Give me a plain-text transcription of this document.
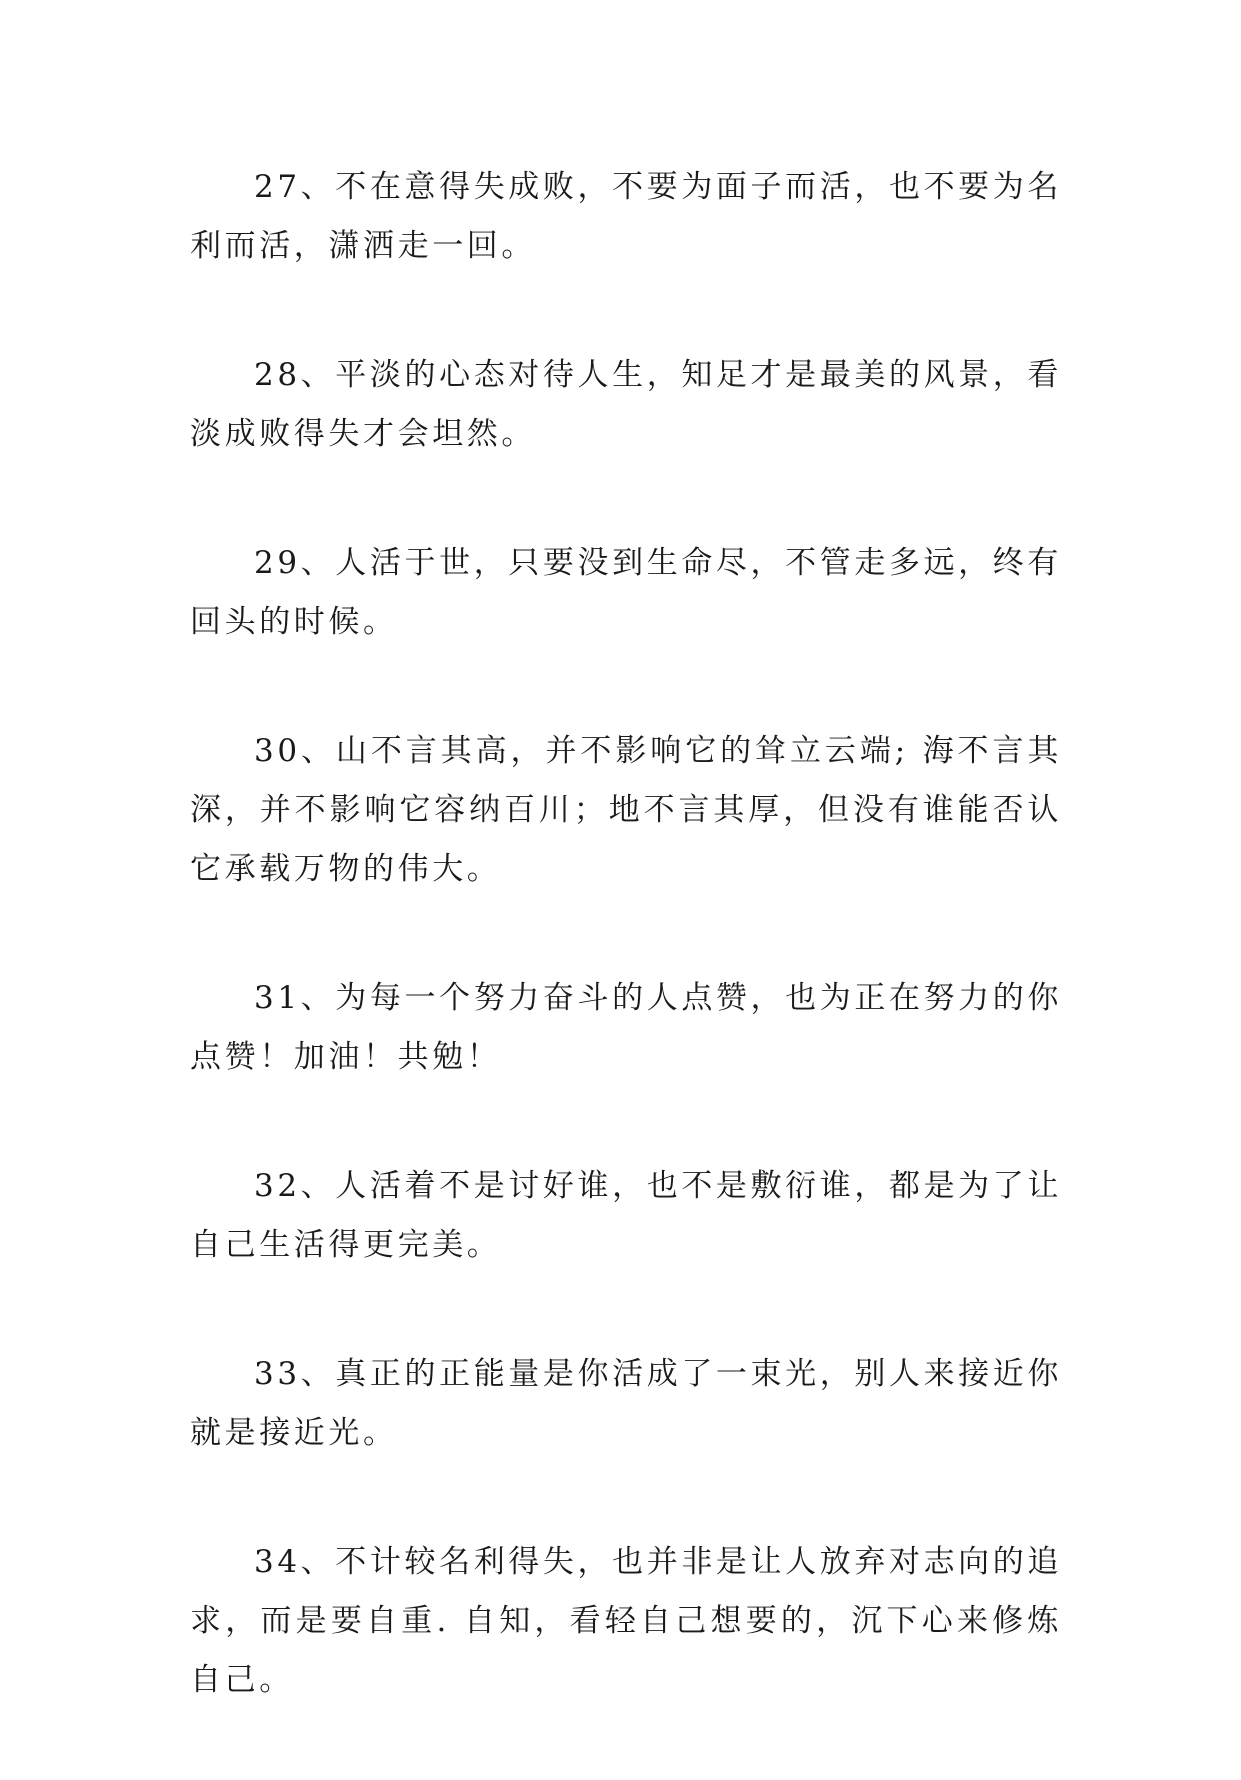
27、不在意得失成败，不要为面子而活，也不要为名利而活，潇洒走一回。

28、平淡的心态对待人生，知足才是最美的风景，看淡成败得失才会坦然。

29、人活于世，只要没到生命尽，不管走多远，终有回头的时候。

30、山不言其高，并不影响它的耸立云端; 海不言其深，并不影响它容纳百川；地不言其厚，但没有谁能否认它承载万物的伟大。

31、为每一个努力奋斗的人点赞，也为正在努力的你点赞！加油！共勉！

32、人活着不是讨好谁，也不是敷衍谁，都是为了让自己生活得更完美。

33、真正的正能量是你活成了一束光，别人来接近你就是接近光。

34、不计较名利得失，也并非是让人放弃对志向的追求，而是要自重. 自知，看轻自己想要的，沉下心来修炼自己。
